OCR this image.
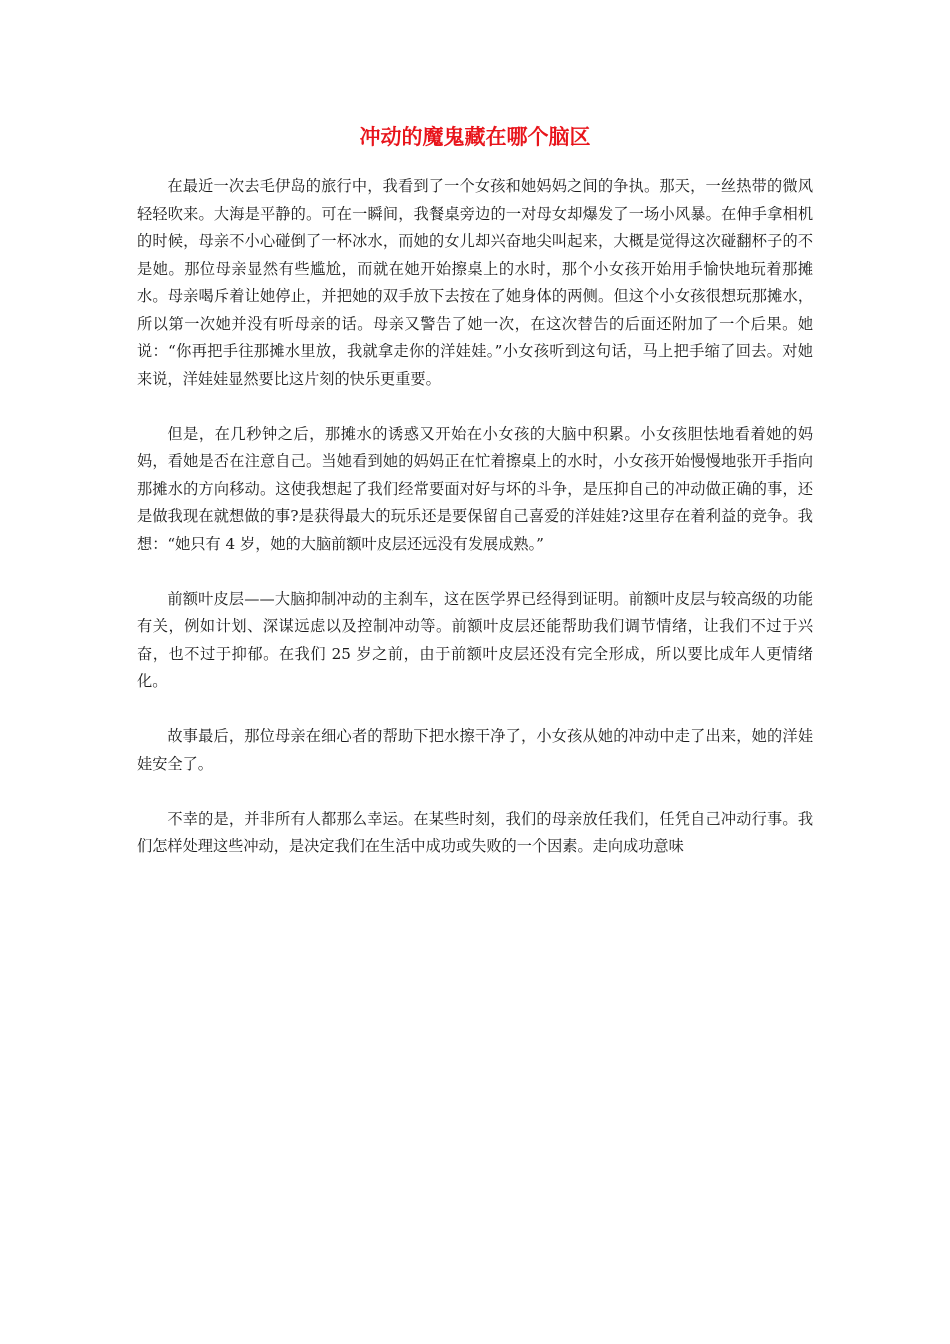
冲动的魔鬼藏在哪个脑区

在最近一次去毛伊岛的旅行中，我看到了一个女孩和她妈妈之间的争执。那天，一丝热带的微风轻轻吹来。大海是平静的。可在一瞬间，我餐桌旁边的一对母女却爆发了一场小风暴。在伸手拿相机的时候，母亲不小心碰倒了一杯冰水，而她的女儿却兴奋地尖叫起来，大概是觉得这次碰翻杯子的不是她。那位母亲显然有些尴尬，而就在她开始擦桌上的水时，那个小女孩开始用手愉快地玩着那摊水。母亲喝斥着让她停止，并把她的双手放下去按在了她身体的两侧。但这个小女孩很想玩那摊水，所以第一次她并没有听母亲的话。母亲又警告了她一次，在这次替告的后面还附加了一个后果。她说：“你再把手往那摊水里放，我就拿走你的洋娃娃。”小女孩听到这句话，马上把手缩了回去。对她来说，洋娃娃显然要比这片刻的快乐更重要。

但是，在几秒钟之后，那摊水的诱惑又开始在小女孩的大脑中积累。小女孩胆怯地看着她的妈妈，看她是否在注意自己。当她看到她的妈妈正在忙着擦桌上的水时，小女孩开始慢慢地张开手指向那摊水的方向移动。这使我想起了我们经常要面对好与坏的斗争，是压抑自己的冲动做正确的事，还是做我现在就想做的事?是获得最大的玩乐还是要保留自己喜爱的洋娃娃?这里存在着利益的竞争。我想：“她只有 4 岁，她的大脑前额叶皮层还远没有发展成熟。”

前额叶皮层——大脑抑制冲动的主刹车，这在医学界已经得到证明。前额叶皮层与较高级的功能有关，例如计划、深谋远虑以及控制冲动等。前额叶皮层还能帮助我们调节情绪，让我们不过于兴奋，也不过于抑郁。在我们 25 岁之前，由于前额叶皮层还没有完全形成，所以要比成年人更情绪化。

故事最后，那位母亲在细心者的帮助下把水擦干净了，小女孩从她的冲动中走了出来，她的洋娃娃安全了。

不幸的是，并非所有人都那么幸运。在某些时刻，我们的母亲放任我们，任凭自己冲动行事。我们怎样处理这些冲动，是决定我们在生活中成功或失败的一个因素。走向成功意味
